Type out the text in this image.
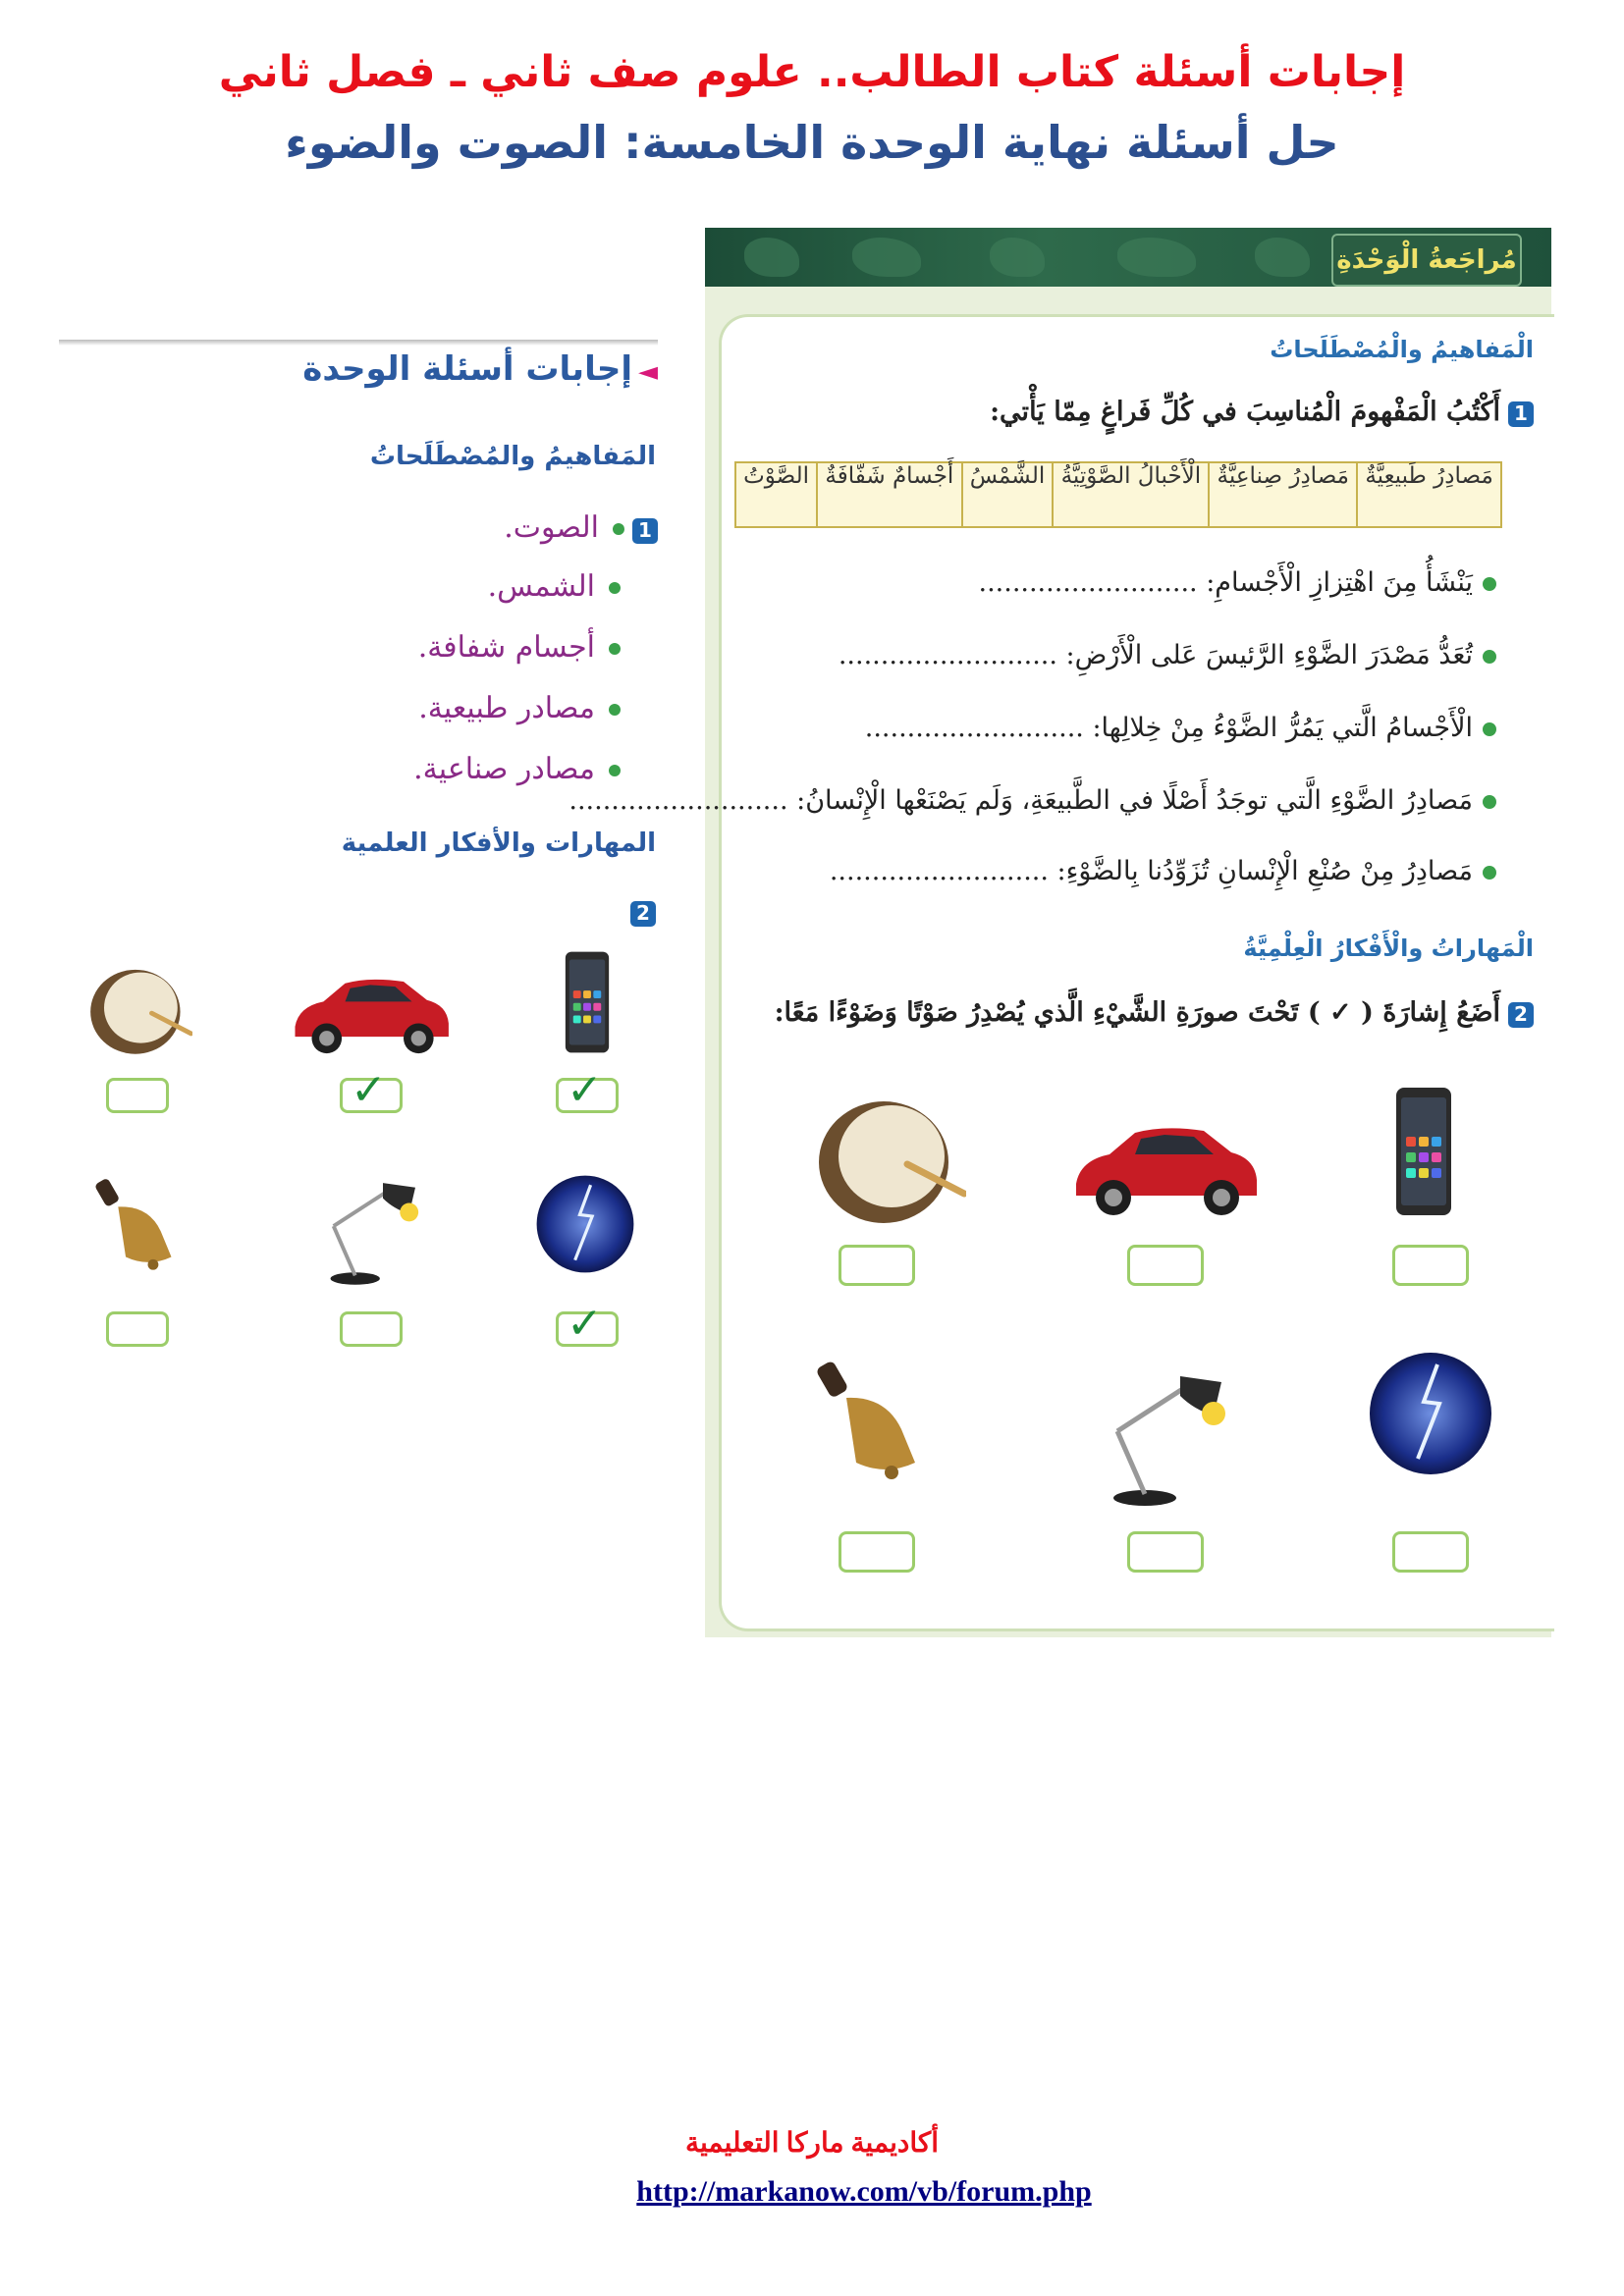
إجابات أسئلة كتاب الطالب.. علوم صف ثاني ـ فصل ثاني
حل أسئلة نهاية الوحدة الخامسة: الصوت والضوء
مُراجَعةُ الْوَحْدَةِ
الْمَفاهيمُ والْمُصْطَلَحاتُ
1أَكْتُبُ الْمَفْهومَ الْمُناسِبَ في كُلِّ فَراغٍ مِمّا يَأْتي:
مَصادِرُ طَبيعِيَّةٌ
مَصادِرُ صِناعِيَّةٌ
الْأَحْبالُ الصَّوْتِيَّةُ
الشَّمْسُ
أَجْسامٌ شَفّافَةٌ
الصَّوْتُ
يَنْشَأُ مِنَ اهْتِزازِ الْأَجْسامِ: ..........................
تُعَدُّ مَصْدَرَ الضَّوْءِ الرَّئيسَ عَلى الْأَرْضِ: ..........................
الْأَجْسامُ الَّتي يَمُرُّ الضَّوْءُ مِنْ خِلالِها: ..........................
مَصادِرُ الضَّوْءِ الَّتي توجَدُ أَصْلًا في الطَّبيعَةِ، وَلَم يَصْنَعْها الْإِنْسانُ: ..........................
مَصادِرُ مِنْ صُنْعِ الْإِنْسانِ تُزَوِّدُنا بِالضَّوْءِ: ..........................
الْمَهاراتُ والْأَفْكارُ الْعِلْمِيَّةُ
2أَضَعُ إِشارَةَ ( ✓ ) تَحْتَ صورَةِ الشَّيْءِ الَّذي يُصْدِرُ صَوْتًا وَضَوْءًا مَعًا:
◄إجابات أسئلة الوحدة
المَفاهيمُ والمُصْطَلَحاتُ
1الصوت.
الشمس.
أجسام شفافة.
مصادر طبيعية.
مصادر صناعية.
المهارات والأفكار العلمية
2
✓
✓
✓
أكاديمية ماركا التعليمية
http://markanow.com/vb/forum.php
